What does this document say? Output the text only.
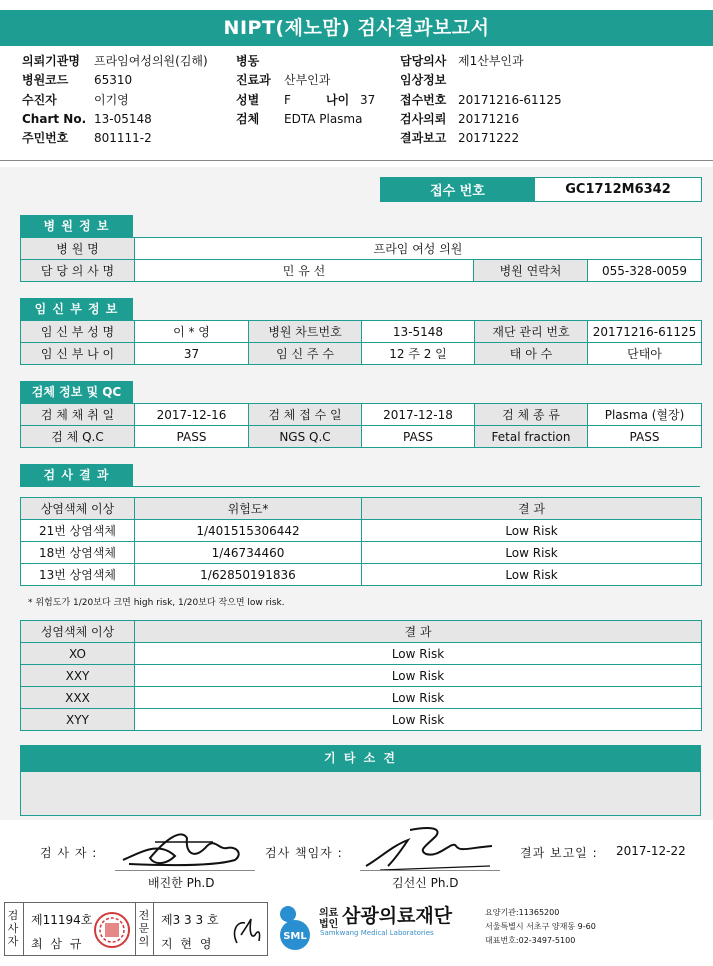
NIPT(제노맘) 검사결과보고서
의뢰기관명 프라임여성의원(김해)
병원코드 65310
수진자	이기영
Chart No. 13-05148
주민번호 801111-2
병동
진료과 산부인과
성별 F	나이 37
검체 EDTA Plasma
담당의사 제1산부인과
임상정보
접수번호 20171216-61125
검사의뢰 20171216
결과보고 20171222
접수 번호	GC1712M6342
병 원 정 보
병 원 명	프라임 여성 의원		
담 당 의 사 명	민 유 선	병원 연락처	055-328-0059
임 신 부 정 보
임 신 부 성 명	이 * 영	병원 차트번호	13-5148	재단 관리 번호	20171216-61125
임 신 부 나 이	37	임 신 주 수	12 주 2 일	태 아 수	단태아
검체 정보 및 QC
검 체 채 취 일	2017-12-16	검 체 접 수 일	2017-12-18	검 체 종 류	Plasma (혈장)
검 체 Q.C	PASS	NGS Q.C	PASS	Fetal fraction	PASS
검 사 결 과
상염색체 이상	위험도*	결 과
21번 상염색체	1/401515306442	Low Risk
18번 상염색체	1/46734460	Low Risk
13번 상염색체	1/62850191836	Low Risk
* 위험도가 1/20보다 크면 high risk, 1/20보다 작으면 low risk.
성염색체 이상	결 과
XO	Low Risk
XXY	Low Risk
XXX	Low Risk
XYY	Low Risk
기 타 소 견
검 사 자 :
배진한 Ph.D
검사 책임자 :
김선신 Ph.D
결과 보고일 : 2017-12-22
검
사
자
제11194호
최 삼 규
전
문
의
제3 3 3 호
지 현 영
SML
의료
법인 삼광의료재단
Samkwang Medical Laboratories
요양기관:11365200
서울특별시 서초구 양재동 9-60
대표번호:02-3497-5100
